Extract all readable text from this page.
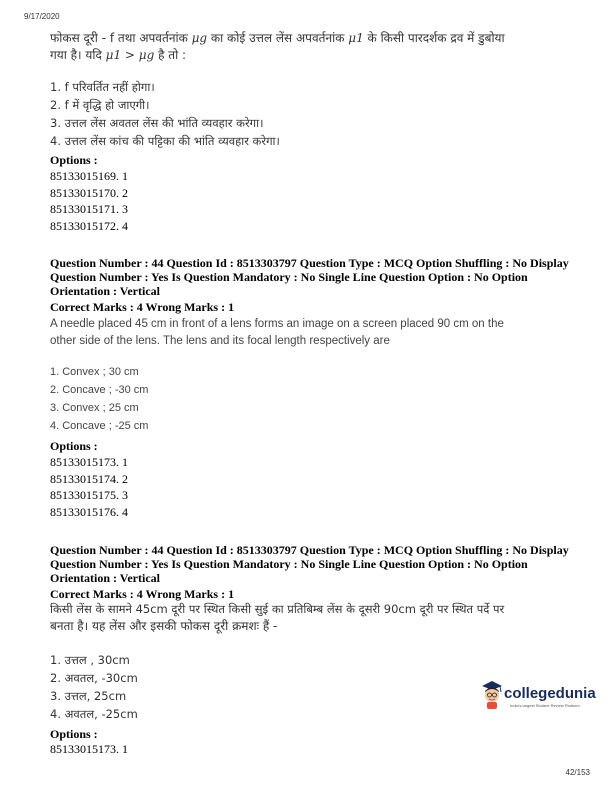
9/17/2020
42/153
फोकस दूरी - f तथा अपवर्तनांक μg का कोई उत्तल लेंस अपवर्तनांक μ1 के किसी पारदर्शक द्रव में डुबोया
गया है। यदि μ1 > μg है तो :
1. f परिवर्तित नहीं होगा।
2. f में वृद्धि हो जाएगी।
3. उत्तल लेंस अवतल लेंस की भांति व्यवहार करेगा।
4. उत्तल लेंस कांच की पट्टिका की भांति व्यवहार करेगा।
Options :
85133015169. 1
85133015170. 2
85133015171. 3
85133015172. 4
Question Number : 44 Question Id : 8513303797 Question Type : MCQ Option Shuffling : No Display
Question Number : Yes Is Question Mandatory : No Single Line Question Option : No Option
Orientation : Vertical
Correct Marks : 4 Wrong Marks : 1
A needle placed 45 cm in front of a lens forms an image on a screen placed 90 cm on the
other side of the lens. The lens and its focal length respectively are
1. Convex ; 30 cm
2. Concave ; -30 cm
3. Convex ; 25 cm
4. Concave ; -25 cm
Options :
85133015173. 1
85133015174. 2
85133015175. 3
85133015176. 4
Question Number : 44 Question Id : 8513303797 Question Type : MCQ Option Shuffling : No Display
Question Number : Yes Is Question Mandatory : No Single Line Question Option : No Option
Orientation : Vertical
Correct Marks : 4 Wrong Marks : 1
किसी लेंस के सामने 45cm दूरी पर स्थित किसी सुई का प्रतिबिम्ब लेंस के दूसरी 90cm दूरी पर स्थित पर्दे पर
बनता है। यह लेंस और इसकी फोकस दूरी क्रमशः हैं -
1. उत्तल , 30cm
2. अवतल, -30cm
3. उत्तल, 25cm
4. अवतल, -25cm
Options :
85133015173. 1
collegedunia
India's largest Student Review Platform
